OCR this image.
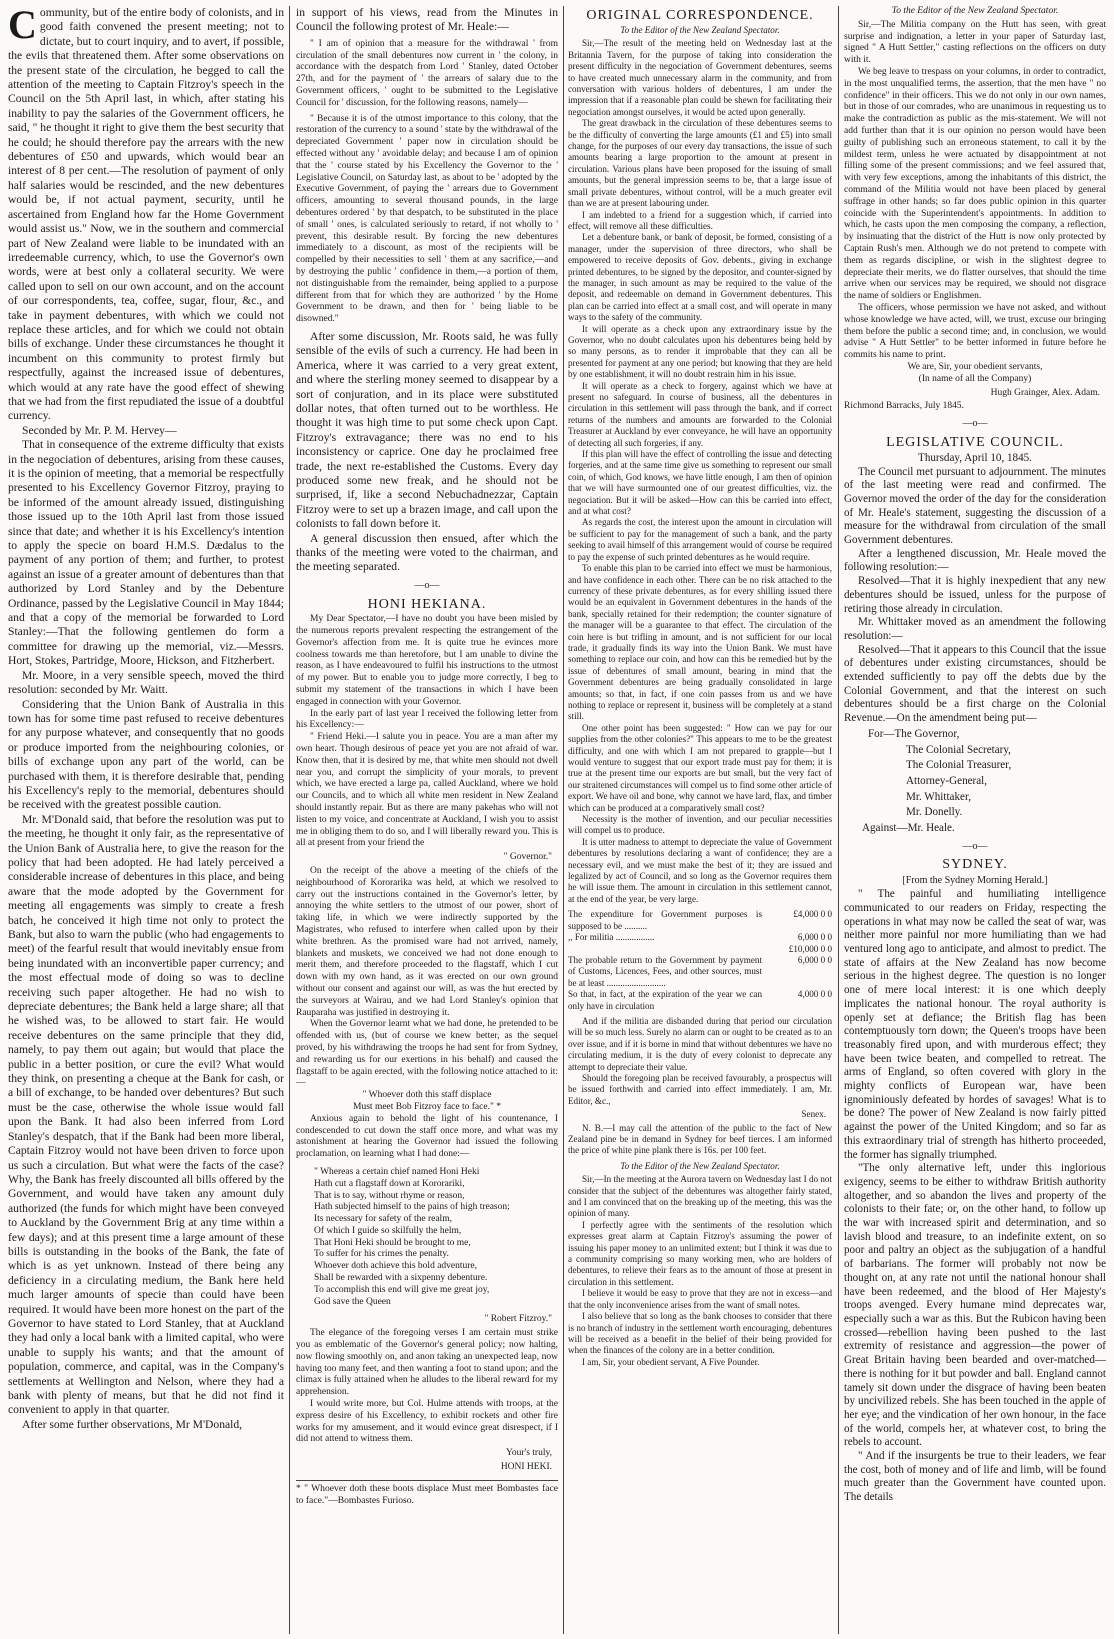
Community, but of the entire body of colonists, and in good faith convened the present meeting; not to dictate, but to court inquiry, and to avert, if possible, the evils that threatened them. After some observations on the present state of the circulation, he begged to call the attention of the meeting to Captain Fitzroy's speech in the Council on the 5th April last, in which, after stating his inability to pay the salaries of the Government officers, he said, " he thought it right to give them the best security that he could; he should therefore pay the arrears with the new debentures of £50 and upwards, which would bear an interest of 8 per cent.—The resolution of payment of only half salaries would be rescinded, and the new debentures would be, if not actual payment, security, until he ascertained from England how far the Home Government would assist us." Now, we in the southern and commercial part of New Zealand were liable to be inundated with an irredeemable currency, which, to use the Governor's own words, were at best only a collateral security. We were called upon to sell on our own account, and on the account of our correspondents, tea, coffee, sugar, flour, &c., and take in payment debentures, with which we could not replace these articles, and for which we could not obtain bills of exchange. Under these circumstances he thought it incumbent on this community to protest firmly but respectfully, against the increased issue of debentures, which would at any rate have the good effect of shewing that we had from the first repudiated the issue of a doubtful currency.

Seconded by Mr. P. M. Hervey—

That in consequence of the extreme difficulty that exists in the negociation of debentures, arising from these causes, it is the opinion of meeting, that a memorial be respectfully presented to his Excellency Governor Fitzroy, praying to be informed of the amount already issued, distinguishing those issued up to the 10th April last from those issued since that date; and whether it is his Excellency's intention to apply the specie on board H.M.S. Dædalus to the payment of any portion of them; and further, to protest against an issue of a greater amount of debentures than that authorized by Lord Stanley and by the Debenture Ordinance, passed by the Legislative Council in May 1844; and that a copy of the memorial be forwarded to Lord Stanley:—That the following gentlemen do form a committee for drawing up the memorial, viz.—Messrs. Hort, Stokes, Partridge, Moore, Hickson, and Fitzherbert.

Mr. Moore, in a very sensible speech, moved the third resolution: seconded by Mr. Waitt.

Considering that the Union Bank of Australia in this town has for some time past refused to receive debentures for any purpose whatever, and consequently that no goods or produce imported from the neighbouring colonies, or bills of exchange upon any part of the world, can be purchased with them, it is therefore desirable that, pending his Excellency's reply to the memorial, debentures should be received with the greatest possible caution.

Mr. M'Donald said, that before the resolution was put to the meeting, he thought it only fair, as the representative of the Union Bank of Australia here, to give the reason for the policy that had been adopted. He had lately perceived a considerable increase of debentures in this place, and being aware that the mode adopted by the Government for meeting all engagements was simply to create a fresh batch, he conceived it high time not only to protect the Bank, but also to warn the public (who had engagements to meet) of the fearful result that would inevitably ensue from being inundated with an inconvertible paper currency; and the most effectual mode of doing so was to decline receiving such paper altogether. He had no wish to depreciate debentures; the Bank held a large share; all that he wished was, to be allowed to start fair. He would receive debentures on the same principle that they did, namely, to pay them out again; but would that place the public in a better position, or cure the evil? What would they think, on presenting a cheque at the Bank for cash, or a bill of exchange, to be handed over debentures? But such must be the case, otherwise the whole issue would fall upon the Bank. It had also been inferred from Lord Stanley's despatch, that if the Bank had been more liberal, Captain Fitzroy would not have been driven to force upon us such a circulation. But what were the facts of the case? Why, the Bank has freely discounted all bills offered by the Government, and would have taken any amount duly authorized (the funds for which might have been conveyed to Auckland by the Government Brig at any time within a few days); and at this present time a large amount of these bills is outstanding in the books of the Bank, the fate of which is as yet unknown. Instead of there being any deficiency in a circulating medium, the Bank here held much larger amounts of specie than could have been required. It would have been more honest on the part of the Governor to have stated to Lord Stanley, that at Auckland they had only a local bank with a limited capital, who were unable to supply his wants; and that the amount of population, commerce, and capital, was in the Company's settlements at Wellington and Nelson, where they had a bank with plenty of means, but that he did not find it convenient to apply in that quarter.

After some further observations, Mr M'Donald,

in support of his views, read from the Minutes in Council the following protest of Mr. Heale:—

" I am of opinion that a measure for the withdrawal ' from circulation of the small debentures now current in ' the colony, in accordance with the despatch from Lord ' Stanley, dated October 27th, and for the payment of ' the arrears of salary due to the Government officers, ' ought to be submitted to the Legislative Council for ' discussion, for the following reasons, namely—

" Because it is of the utmost importance to this colony, that the restoration of the currency to a sound ' state by the withdrawal of the depreciated Government ' paper now in circulation should be effected without any ' avoidable delay; and because I am of opinion that the ' course stated by his Excellency the Governor to the ' Legislative Council, on Saturday last, as about to be ' adopted by the Executive Government, of paying the ' arrears due to Government officers, amounting to several thousand pounds, in the large debentures ordered ' by that despatch, to be substituted in the place of small ' ones, is calculated seriously to retard, if not wholly to ' prevent, this desirable result. By forcing the new debentures immediately to a discount, as most of the recipients will be compelled by their necessities to sell ' them at any sacrifice,—and by destroying the public ' confidence in them,—a portion of them, not distinguishable from the remainder, being applied to a purpose different from that for which they are authorized ' by the Home Government to be drawn, and then for ' being liable to be disowned."

After some discussion, Mr. Roots said, he was fully sensible of the evils of such a currency. He had been in America, where it was carried to a very great extent, and where the sterling money seemed to disappear by a sort of conjuration, and in its place were substituted dollar notes, that often turned out to be worthless. He thought it was high time to put some check upon Capt. Fitzroy's extravagance; there was no end to his inconsistency or caprice. One day he proclaimed free trade, the next re-established the Customs. Every day produced some new freak, and he should not be surprised, if, like a second Nebuchadnezzar, Captain Fitzroy were to set up a brazen image, and call upon the colonists to fall down before it.

A general discussion then ensued, after which the thanks of the meeting were voted to the chairman, and the meeting separated.

—o—
HONI HEKIANA.

My Dear Spectator,—I have no doubt you have been misled by the numerous reports prevalent respecting the estrangement of the Governor's affection from me. It is quite true he evinces more coolness towards me than heretofore, but I am unable to divine the reason, as I have endeavoured to fulfil his instructions to the utmost of my power. But to enable you to judge more correctly, I beg to submit my statement of the transactions in which I have been engaged in connection with your Governor.

In the early part of last year I received the following letter from his Excellency:—

" Friend Heki.—I salute you in peace. You are a man after my own heart. Though desirous of peace yet you are not afraid of war. Know then, that it is desired by me, that white men should not dwell near you, and corrupt the simplicity of your morals, to prevent which, we have erected a large pa, called Auckland, where we hold our Councils, and to which all white men resident in New Zealand should instantly repair. But as there are many pakehas who will not listen to my voice, and concentrate at Auckland, I wish you to assist me in obliging them to do so, and I will liberally reward you. This is all at present from your friend the

" Governor."

On the receipt of the above a meeting of the chiefs of the neighbourhood of Kororarika was held, at which we resolved to carry out the instructions contained in the Governor's letter, by annoying the white settlers to the utmost of our power, short of taking life, in which we were indirectly supported by the Magistrates, who refused to interfere when called upon by their white brethren. As the promised ware had not arrived, namely, blankets and muskets, we conceived we had not done enough to merit them, and therefore proceeded to the flagstaff, which I cut down with my own hand, as it was erected on our own ground without our consent and against our will, as was the hut erected by the surveyors at Wairau, and we had Lord Stanley's opinion that Rauparaha was justified in destroying it.

When the Governor learnt what we had done, he pretended to be offended with us, (but of course we knew better, as the sequel proved, by his withdrawing the troops he had sent for from Sydney, and rewarding us for our exertions in his behalf) and caused the flagstaff to be again erected, with the following notice attached to it:—

" Whoever doth this staff displace

Must meet Bob Fitzroy face to face." *

Anxious again to behold the light of his countenance, I condescended to cut down the staff once more, and what was my astonishment at hearing the Governor had issued the following proclamation, on learning what I had done:—

" Whereas a certain chief named Honi Heki
Hath cut a flagstaff down at Kororariki,
That is to say, without rhyme or reason,
Hath subjected himself to the pains of high treason;
Its necessary for safety of the realm,
Of which I guide so skilfully the helm,
That Honi Heki should be brought to me,
To suffer for his crimes the penalty.
Whoever doth achieve this bold adventure,
Shall be rewarded with a sixpenny debenture.
To accomplish this end will give me great joy,
God save the Queen

" Robert Fitzroy."

The elegance of the foregoing verses I am certain must strike you as emblematic of the Governor's general policy; now halting, now flowing smoothly on, and anon taking an unexpected leap, now having too many feet, and then wanting a foot to stand upon; and the climax is fully attained when he alludes to the liberal reward for my apprehension.

I would write more, but Col. Hulme attends with troops, at the express desire of his Excellency, to exhibit rockets and other fire works for my amusement, and it would evince great disrespect, if I did not attend to witness them.

Your's truly,

HONI HEKI.

* " Whoever doth these boots displace Must meet Bombastes face to face."—Bombastes Furioso.
ORIGINAL CORRESPONDENCE.
To the Editor of the New Zealand Spectator.

Sir,—The result of the meeting held on Wednesday last at the Britannia Tavern, for the purpose of taking into consideration the present difficulty in the negociation of Government debentures, seems to have created much unnecessary alarm in the community, and from conversation with various holders of debentures, I am under the impression that if a reasonable plan could be shewn for facilitating their negociation amongst ourselves, it would be acted upon generally.

The great drawback in the circulation of these debentures seems to be the difficulty of converting the large amounts (£1 and £5) into small change, for the purposes of our every day transactions, the issue of such amounts bearing a large proportion to the amount at present in circulation. Various plans have been proposed for the issuing of small amounts, but the general impression seems to be, that a large issue of small private debentures, without control, will be a much greater evil than we are at present labouring under.

I am indebted to a friend for a suggestion which, if carried into effect, will remove all these difficulties.

Let a debenture bank, or bank of deposit, be formed, consisting of a manager, under the supervision of three directors, who shall be empowered to receive deposits of Gov. debents., giving in exchange printed debentures, to be signed by the depositor, and counter-signed by the manager, in such amount as may be required to the value of the deposit, and redeemable on demand in Government debentures. This plan can be carried into effect at a small cost, and will operate in many ways to the safety of the community.

It will operate as a check upon any extraordinary issue by the Governor, who no doubt calculates upon his debentures being held by so many persons, as to render it improbable that they can all be presented for payment at any one period; but knowing that they are held by one establishment, it will no doubt restrain him in his issue.

It will operate as a check to forgery, against which we have at present no safeguard. In course of business, all the debentures in circulation in this settlement will pass through the bank, and if correct returns of the numbers and amounts are forwarded to the Colonial Treasurer at Auckland by ever conveyance, he will have an opportunity of detecting all such forgeries, if any.

If this plan will have the effect of controlling the issue and detecting forgeries, and at the same time give us something to represent our small coin, of which, God knows, we have little enough, I am then of opinion that we will have surmounted one of our greatest difficulties, viz. the negociation. But it will be asked—How can this be carried into effect, and at what cost?

As regards the cost, the interest upon the amount in circulation will be sufficient to pay for the management of such a bank, and the party seeking to avail himself of this arrangement would of course be required to pay the expense of such printed debentures as he would require.

To enable this plan to be carried into effect we must be harmonious, and have confidence in each other. There can be no risk attached to the currency of these private debentures, as for every shilling issued there would be an equivalent in Government debentures in the hands of the bank, specially retained for their redemption; the counter signature of the manager will be a guarantee to that effect. The circulation of the coin here is but trifling in amount, and is not sufficient for our local trade, it gradually finds its way into the Union Bank. We must have something to replace our coin, and how can this be remedied but by the issue of debentures of small amount, bearing in mind that the Government debentures are being gradually consolidated in large amounts; so that, in fact, if one coin passes from us and we have nothing to replace or represent it, business will be completely at a stand still.

One other point has been suggested: " How can we pay for our supplies from the other colonies?" This appears to me to be the greatest difficulty, and one with which I am not prepared to grapple—but I would venture to suggest that our export trade must pay for them; it is true at the present time our exports are but small, but the very fact of our straitened circumstances will compel us to find some other article of export. We have oil and bone, why cannot we have lard, flax, and timber which can be produced at a comparatively small cost?

Necessity is the mother of invention, and our peculiar necessities will compel us to produce.

It is utter madness to attempt to depreciate the value of Government debentures by resolutions declaring a want of confidence; they are a necessary evil, and we must make the best of it; they are issued and legalized by act of Council, and so long as the Governor requires them he will issue them. The amount in circulation in this settlement cannot, at the end of the year, be very large.

The expenditure for Government purposes is supposed to be ..........	£4,000 0 0
,, For militia .................	6,000 0 0
	£10,000 0 0
The probable return to the Government by payment of Customs, Licences, Fees, and other sources, must be at least ..........................	6,000 0 0
So that, in fact, at the expiration of the year we can only have in circulation	4,000 0 0

And if the militia are disbanded during that period our circulation will be so much less. Surely no alarm can or ought to be created as to an over issue, and if it is borne in mind that without debentures we have no circulating medium, it is the duty of every colonist to deprecate any attempt to depreciate their value.

Should the foregoing plan be received favourably, a prospectus will be issued forthwith and carried into effect immediately. I am, Mr. Editor, &c.,

Senex.

N. B.—I may call the attention of the public to the fact of New Zealand pine be in demand in Sydney for beef tierces. I am informed the price of white pine plank there is 16s. per 100 feet.

To the Editor of the New Zealand Spectator.

Sir,—In the meeting at the Aurora tavern on Wednesday last I do not consider that the subject of the debentures was altogether fairly stated, and I am convinced that on the breaking up of the meeting, this was the opinion of many.

I perfectly agree with the sentiments of the resolution which expresses great alarm at Captain Fitzroy's assuming the power of issuing his paper money to an unlimited extent; but I think it was due to a community comprising so many working men, who are holders of debentures, to relieve their fears as to the amount of those at present in circulation in this settlement.

I believe it would be easy to prove that they are not in excess—and that the only inconvenience arises from the want of small notes.

I also believe that so long as the bank chooses to consider that there is no branch of industry in the settlement worth encouraging, debentures will be received as a benefit in the belief of their being provided for when the finances of the colony are in a better condition.

I am, Sir, your obedient servant, A Five Pounder.

To the Editor of the New Zealand Spectator.

Sir,—The Militia company on the Hutt has seen, with great surprise and indignation, a letter in your paper of Saturday last, signed " A Hutt Settler," casting reflections on the officers on duty with it.

We beg leave to trespass on your columns, in order to contradict, in the most unqualified terms, the assertion, that the men have " no confidence" in their officers. This we do not only in our own names, but in those of our comrades, who are unanimous in requesting us to make the contradiction as public as the mis-statement. We will not add further than that it is our opinion no person would have been guilty of publishing such an erroneous statement, to call it by the mildest term, unless he were actuated by disappointment at not filling some of the present commissions; and we feel assured that, with very few exceptions, among the inhabitants of this district, the command of the Militia would not have been placed by general suffrage in other hands; so far does public opinion in this quarter coincide with the Superintendent's appointments. In addition to which, he casts upon the men composing the company, a reflection, by insinuating that the district of the Hutt is now only protected by Captain Rush's men. Although we do not pretend to compete with them as regards discipline, or wish in the slightest degree to depreciate their merits, we do flatter ourselves, that should the time arrive when our services may be required, we should not disgrace the name of soldiers or Englishmen.

The officers, whose permission we have not asked, and without whose knowledge we have acted, will, we trust, excuse our bringing them before the public a second time; and, in conclusion, we would advise " A Hutt Settler" to be better informed in future before he commits his name to print.

We are, Sir, your obedient servants,

(In name of all the Company)

Hugh Grainger, Alex. Adam.

Richmond Barracks, July 1845.

—o—
LEGISLATIVE COUNCIL.
Thursday, April 10, 1845.

The Council met pursuant to adjournment. The minutes of the last meeting were read and confirmed. The Governor moved the order of the day for the consideration of Mr. Heale's statement, suggesting the discussion of a measure for the withdrawal from circulation of the small Government debentures.

After a lengthened discussion, Mr. Heale moved the following resolution:—

Resolved—That it is highly inexpedient that any new debentures should be issued, unless for the purpose of retiring those already in circulation.

Mr. Whittaker moved as an amendment the following resolution:—

Resolved—That it appears to this Council that the issue of debentures under existing circumstances, should be extended sufficiently to pay off the debts due by the Colonial Government, and that the interest on such debentures should be a first charge on the Colonial Revenue.—On the amendment being put—

For—The Governor,

The Colonial Secretary,

The Colonial Treasurer,

Attorney-General,

Mr. Whittaker,

Mr. Donelly.

Against—Mr. Heale.

—o—
SYDNEY.
[From the Sydney Morning Herald.]

" The painful and humiliating intelligence communicated to our readers on Friday, respecting the operations in what may now be called the seat of war, was neither more painful nor more humiliating than we had ventured long ago to anticipate, and almost to predict. The state of affairs at the New Zealand has now become serious in the highest degree. The question is no longer one of mere local interest: it is one which deeply implicates the national honour. The royal authority is openly set at defiance; the British flag has been contemptuously torn down; the Queen's troops have been treasonably fired upon, and with murderous effect; they have been twice beaten, and compelled to retreat. The arms of England, so often covered with glory in the mighty conflicts of European war, have been ignominiously defeated by hordes of savages! What is to be done? The power of New Zealand is now fairly pitted against the power of the United Kingdom; and so far as this extraordinary trial of strength has hitherto proceeded, the former has signally triumphed.

"The only alternative left, under this inglorious exigency, seems to be either to withdraw British authority altogether, and so abandon the lives and property of the colonists to their fate; or, on the other hand, to follow up the war with increased spirit and determination, and so lavish blood and treasure, to an indefinite extent, on so poor and paltry an object as the subjugation of a handful of barbarians. The former will probably not now be thought on, at any rate not until the national honour shall have been redeemed, and the blood of Her Majesty's troops avenged. Every humane mind deprecates war, especially such a war as this. But the Rubicon having been crossed—rebellion having been pushed to the last extremity of resistance and aggression—the power of Great Britain having been bearded and over-matched—there is nothing for it but powder and ball. England cannot tamely sit down under the disgrace of having been beaten by uncivilized rebels. She has been touched in the apple of her eye; and the vindication of her own honour, in the face of the world, compels her, at whatever cost, to bring the rebels to account.

" And if the insurgents be true to their leaders, we fear the cost, both of money and of life and limb, will be found much greater than the Government have counted upon. The details
